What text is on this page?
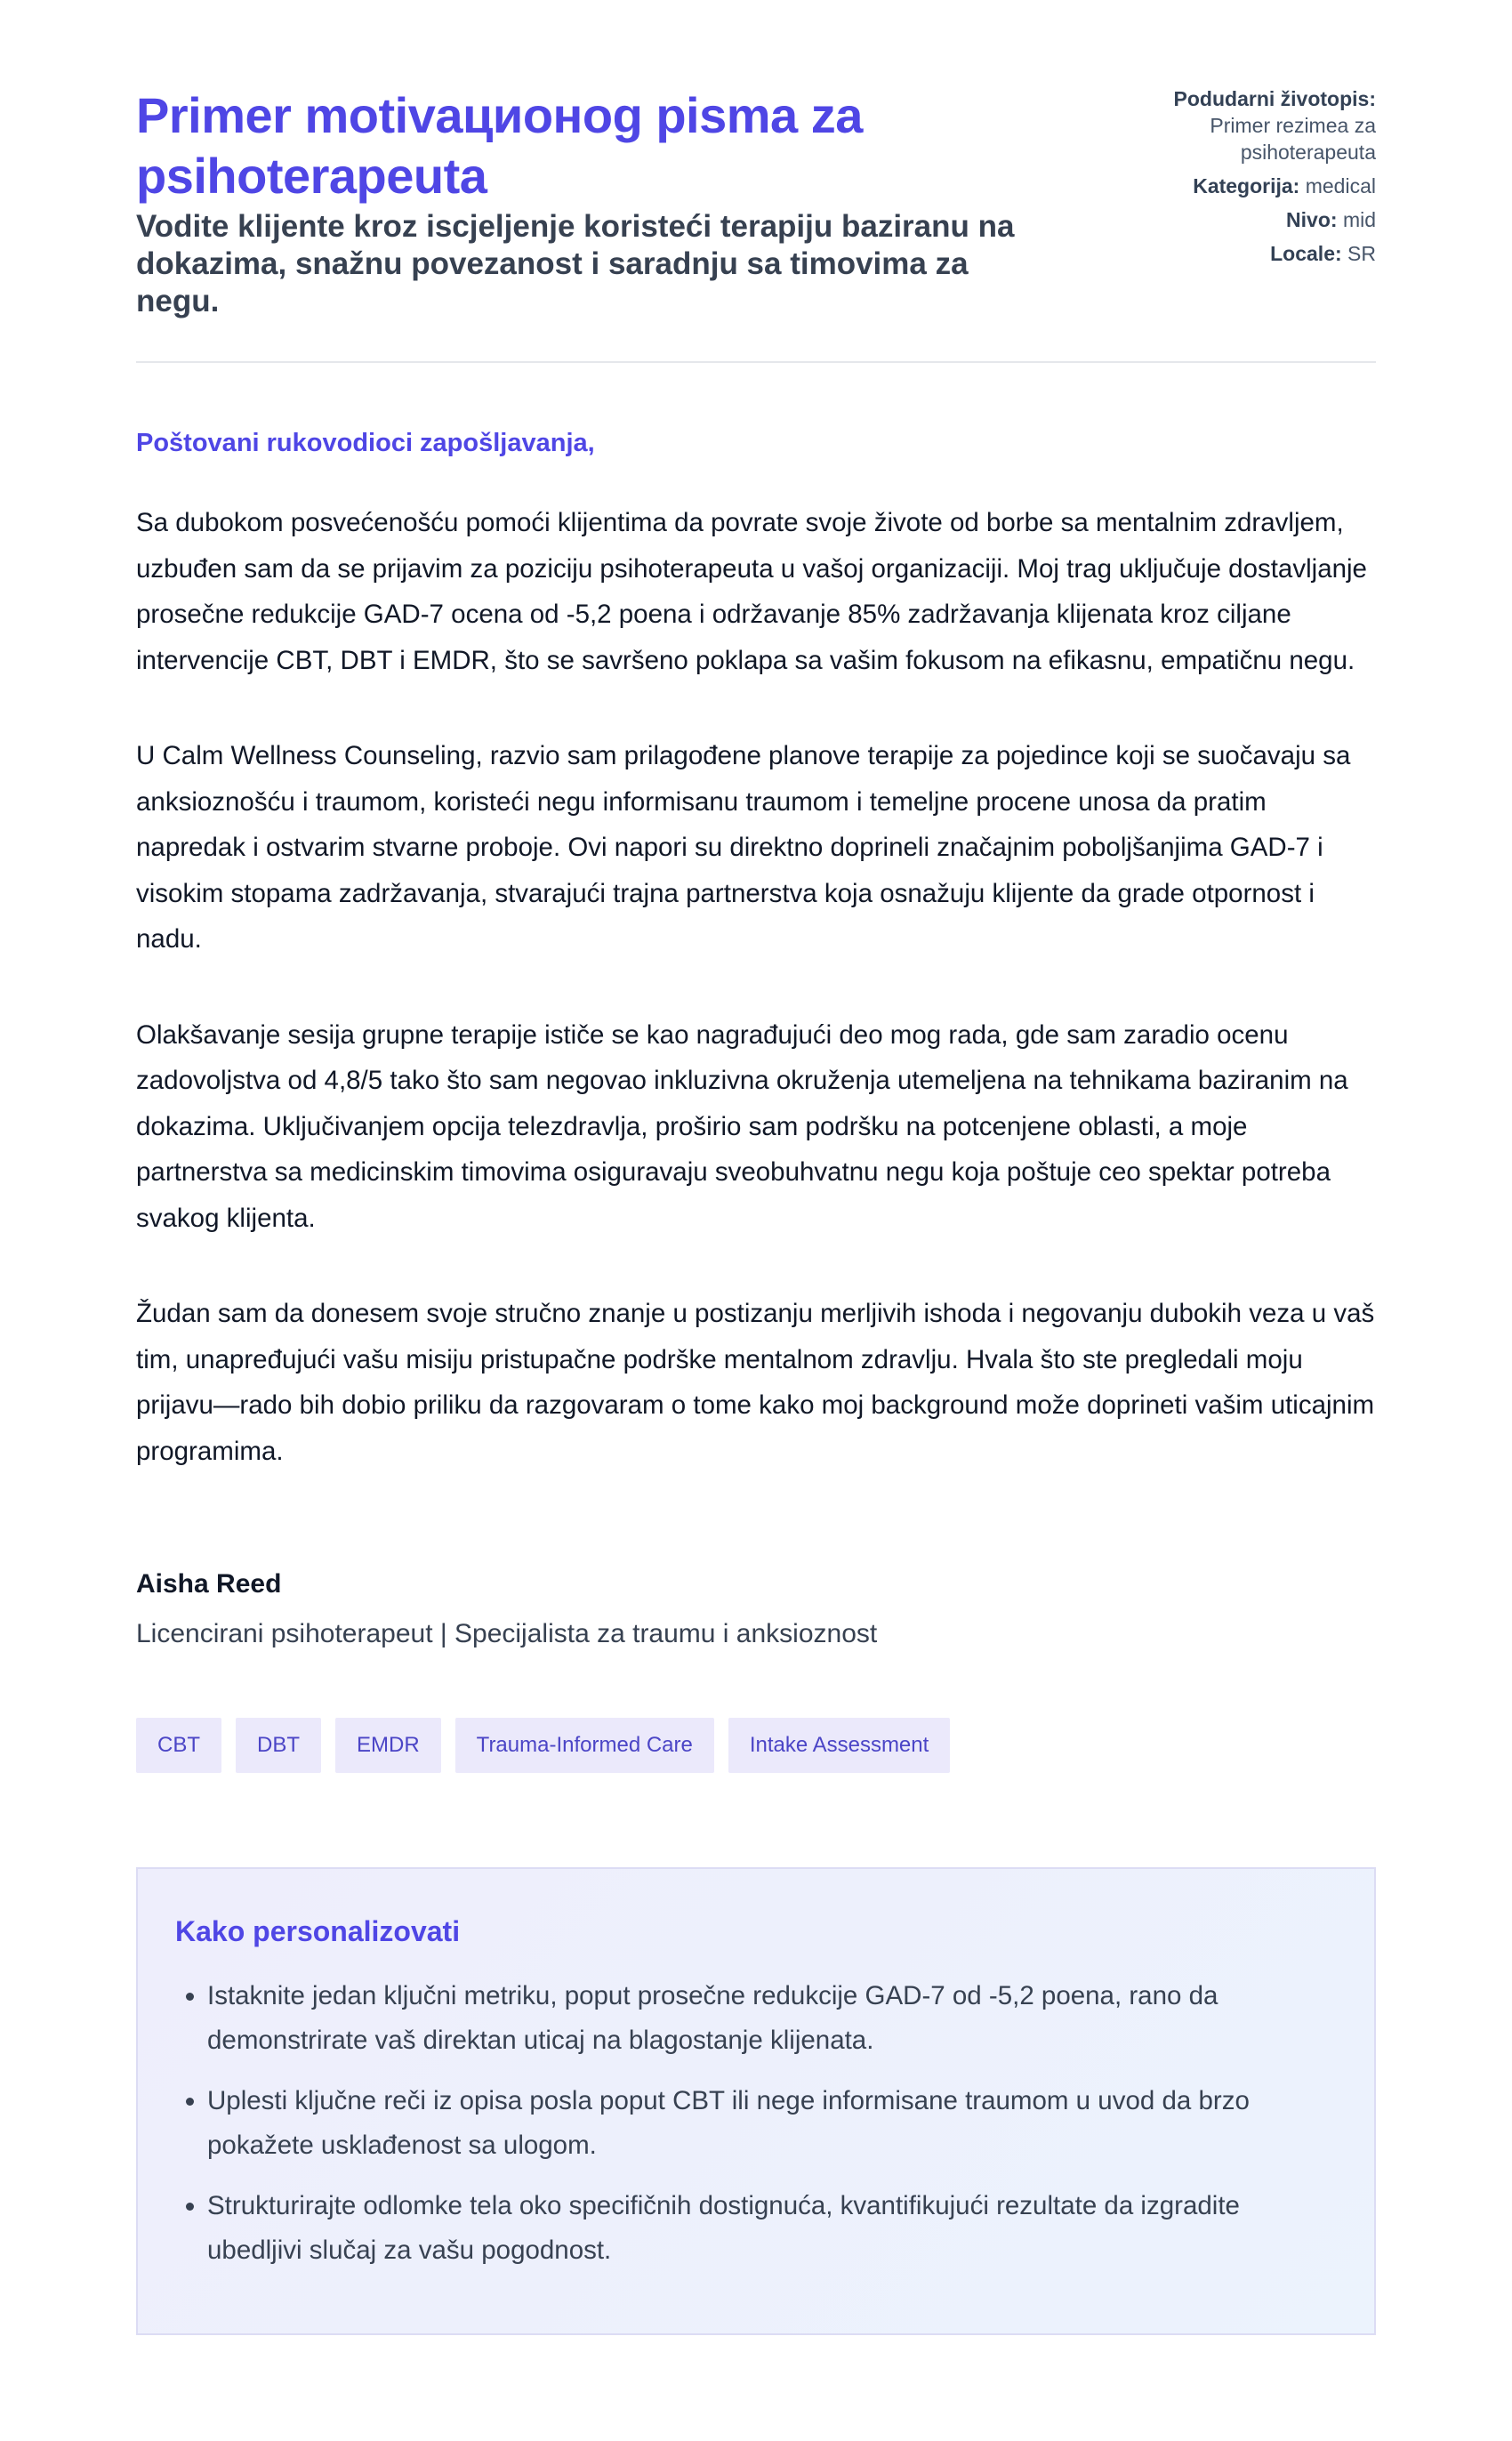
Primer motivaционog pisma za psihoterapeuta

Vodite klijente kroz iscjeljenje koristeći terapiju baziranu na dokazima, snažnu povezanost i saradnju sa timovima za negu.

Podudarni životopis:
Primer rezimea za psihoterapeuta
Kategorija: medical
Nivo: mid
Locale: SR

Poštovani rukovodioci zapošljavanja,

Sa dubokom posvećenošću pomoći klijentima da povrate svoje živote od borbe sa mentalnim zdravljem, uzbuđen sam da se prijavim za poziciju psihoterapeuta u vašoj organizaciji. Moj trag uključuje dostavljanje prosečne redukcije GAD-7 ocena od -5,2 poena i održavanje 85% zadržavanja klijenata kroz ciljane intervencije CBT, DBT i EMDR, što se savršeno poklapa sa vašim fokusom na efikasnu, empatičnu negu.

U Calm Wellness Counseling, razvio sam prilagođene planove terapije za pojedince koji se suočavaju sa anksioznošću i traumom, koristeći negu informisanu traumom i temeljne procene unosa da pratim napredak i ostvarim stvarne proboje. Ovi napori su direktno doprineli značajnim poboljšanjima GAD-7 i visokim stopama zadržavanja, stvarajući trajna partnerstva koja osnažuju klijente da grade otpornost i nadu.

Olakšavanje sesija grupne terapije ističe se kao nagrađujući deo mog rada, gde sam zaradio ocenu zadovoljstva od 4,8/5 tako što sam negovao inkluzivna okruženja utemeljena na tehnikama baziranim na dokazima. Uključivanjem opcija telezdravlja, proširio sam podršku na potcenjene oblasti, a moje partnerstva sa medicinskim timovima osiguravaju sveobuhvatnu negu koja poštuje ceo spektar potreba svakog klijenta.

Žudan sam da donesem svoje stručno znanje u postizanju merljivih ishoda i negovanju dubokih veza u vaš tim, unapređujući vašu misiju pristupačne podrške mentalnom zdravlju. Hvala što ste pregledali moju prijavu—rado bih dobio priliku da razgovaram o tome kako moj background može doprineti vašim uticajnim programima.

Aisha Reed
Licencirani psihoterapeut | Specijalista za traumu i anksioznost
CBT	DBT	EMDR	Trauma-Informed Care	Intake Assessment
Kako personalizovati
• Istaknite jedan ključni metriku, poput prosečne redukcije GAD-7 od -5,2 poena, rano da demonstrirate vaš direktan uticaj na blagostanje klijenata.
• Uplesti ključne reči iz opisa posla poput CBT ili nege informisane traumom u uvod da brzo pokažete usklađenost sa ulogom.
• Strukturirajte odlomke tela oko specifičnih dostignuća, kvantifikujući rezultate da izgradite ubedljivi slučaj za vašu pogodnost.
